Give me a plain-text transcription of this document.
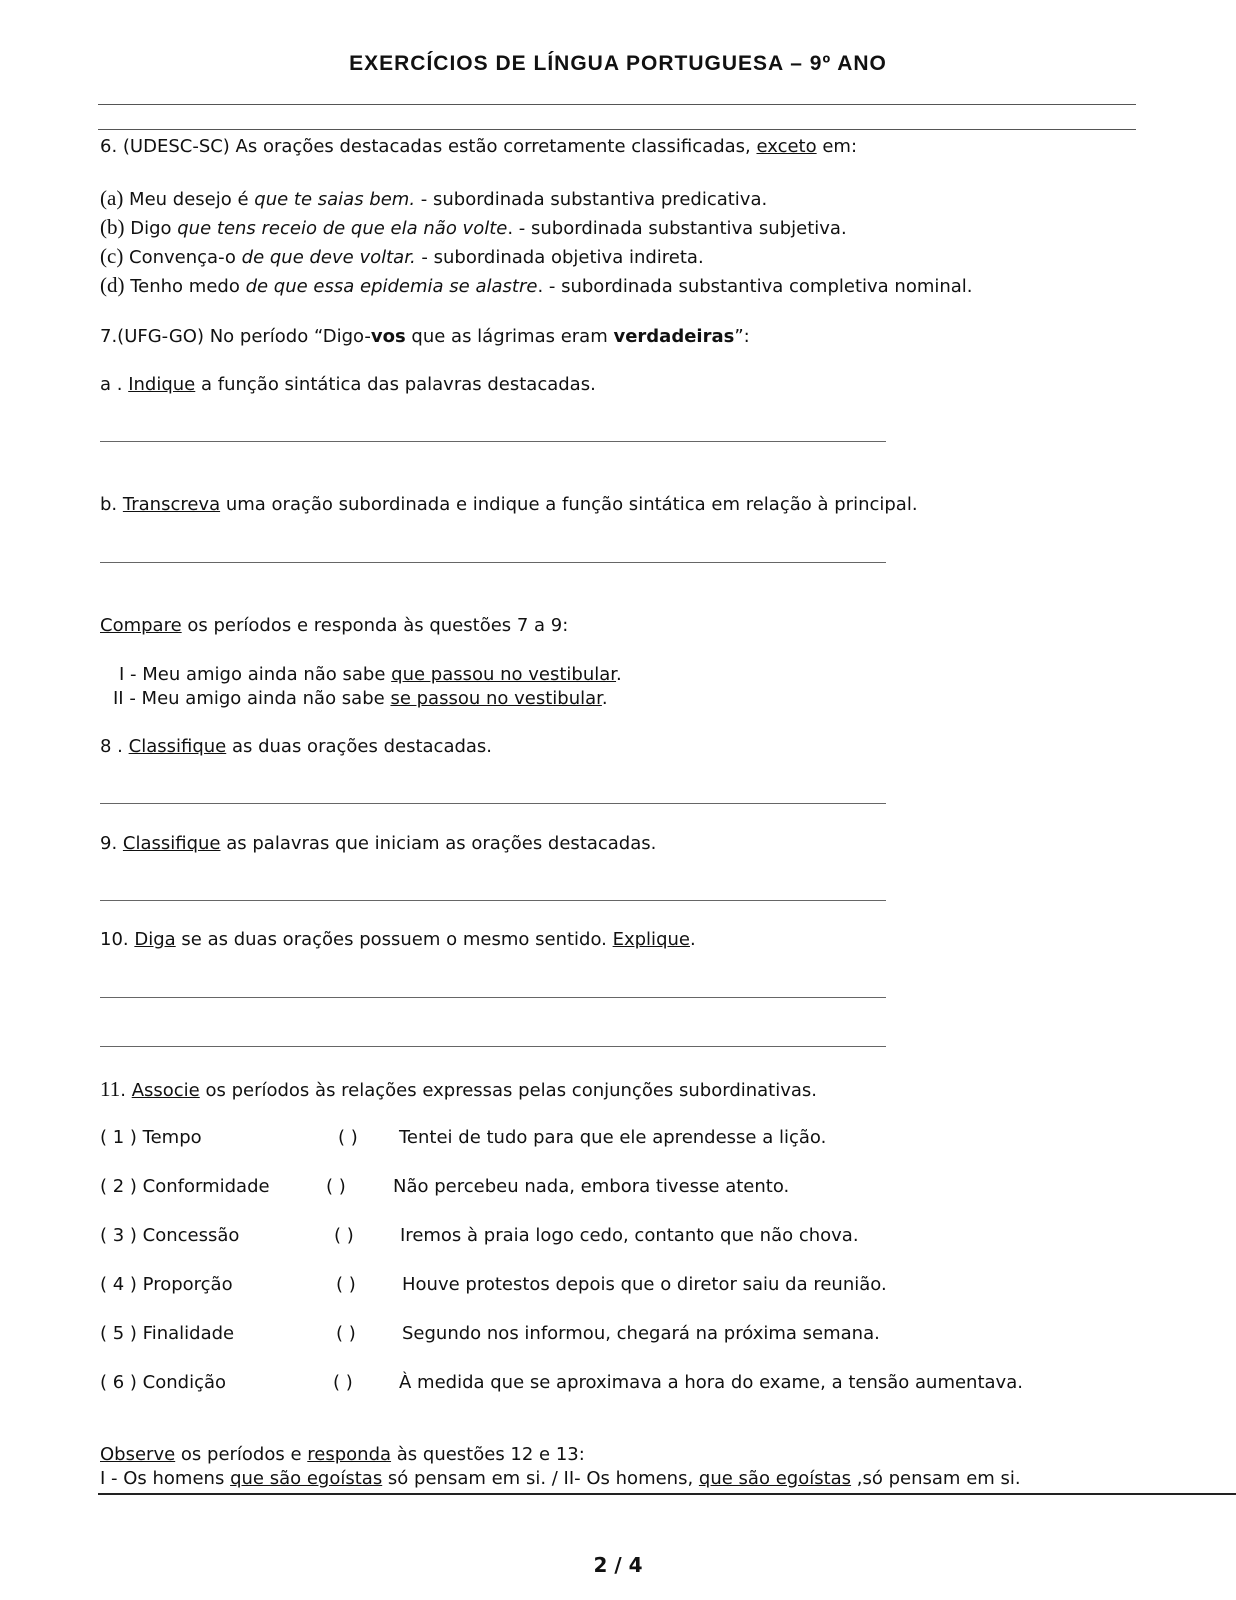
EXERCÍCIOS DE LÍNGUA PORTUGUESA – 9º ANO
6. (UDESC-SC) As orações destacadas estão corretamente classificadas, exceto em:
(a) Meu desejo é que te saias bem. - subordinada substantiva predicativa.
(b) Digo que tens receio de que ela não volte. - subordinada substantiva subjetiva.
(c) Convença-o de que deve voltar. - subordinada objetiva indireta.
(d) Tenho medo de que essa epidemia se alastre. - subordinada substantiva completiva nominal.
7.(UFG-GO) No período “Digo-vos que as lágrimas eram verdadeiras”:
a . Indique a função sintática das palavras destacadas.
b. Transcreva uma oração subordinada e indique a função sintática em relação à principal.
Compare os períodos e responda às questões 7 a 9:
I - Meu amigo ainda não sabe que passou no vestibular.
II - Meu amigo ainda não sabe se passou no vestibular.
8 . Classifique as duas orações destacadas.
9. Classifique as palavras que iniciam as orações destacadas.
10. Diga se as duas orações possuem o mesmo sentido. Explique.
11. Associe os períodos às relações expressas pelas conjunções subordinativas.
( 1 ) Tempo	( ) Tentei de tudo para que ele aprendesse a lição.
( 2 ) Conformidade	( )	Não percebeu nada, embora tivesse atento.
( 3 ) Concessão	( )	Iremos à praia logo cedo, contanto que não chova.
( 4 ) Proporção	( )	Houve protestos depois que o diretor saiu da reunião.
( 5 ) Finalidade	( )	Segundo nos informou, chegará na próxima semana.
( 6 ) Condição	( )	À medida que se aproximava a hora do exame, a tensão aumentava.
Observe os períodos e responda às questões 12 e 13:
I - Os homens que são egoístas só pensam em si. / II- Os homens, que são egoístas ,só pensam em si.
2 / 4
